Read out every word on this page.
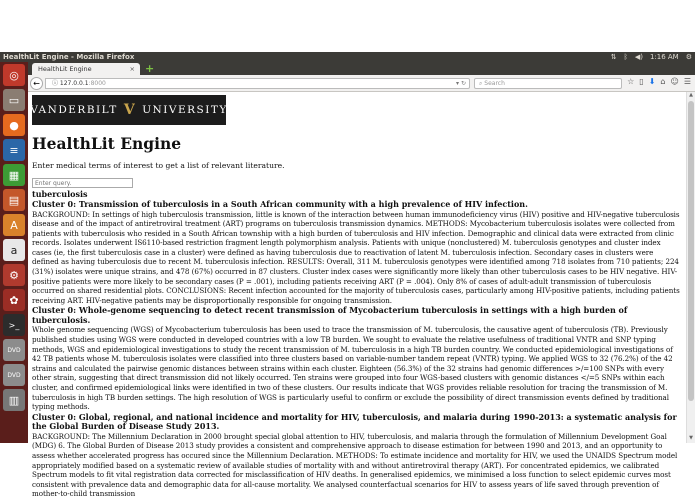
HealthLit Engine - Mozilla Firefox	⇅ ᛒ ◀) 1:16 AM ⚙
◎
▭
●
≡
▦
▤
A
a
⚙
✿
>_
DVD
DVD
▥
HealthLit Engine	× +
←	ⓘ 127.0.0.1:8000	▾ ↻	⌕ Search	☆ ▯ ⬇ ⌂ ☺ ☰
VANDERBILT V UNIVERSITY
HealthLit Engine
Enter medical terms of interest to get a list of relevant literature.
Enter query.
tuberculosis
Cluster 0: Transmission of tuberculosis in a South African community with a high prevalence of HIV infection.
BACKGROUND: In settings of high tuberculosis transmission, little is known of the interaction between human immunodeficiency virus (HIV) positive and HIV-negative tuberculosis disease and of the impact of antiretroviral treatment (ART) programs on tuberculosis transmission dynamics. METHODS: Mycobacterium tuberculosis isolates were collected from patients with tuberculosis who resided in a South African township with a high burden of tuberculosis and HIV infection. Demographic and clinical data were extracted from clinic records. Isolates underwent IS6110-based restriction fragment length polymorphism analysis. Patients with unique (nonclustered) M. tuberculosis genotypes and cluster index cases (ie, the first tuberculosis case in a cluster) were defined as having tuberculosis due to reactivation of latent M. tuberculosis infection. Secondary cases in clusters were defined as having tuberculosis due to recent M. tuberculosis infection. RESULTS: Overall, 311 M. tuberculosis genotypes were identified among 718 isolates from 710 patients; 224 (31%) isolates were unique strains, and 478 (67%) occurred in 87 clusters. Cluster index cases were significantly more likely than other tuberculosis cases to be HIV negative. HIV-positive patients were more likely to be secondary cases (P = .001), including patients receiving ART (P = .004). Only 8% of cases of adult-adult transmission of tuberculosis occurred on shared residential plots. CONCLUSIONS: Recent infection accounted for the majority of tuberculosis cases, particularly among HIV-positive patients, including patients receiving ART. HIV-negative patients may be disproportionally responsible for ongoing transmission.
Cluster 0: Whole-genome sequencing to detect recent transmission of Mycobacterium tuberculosis in settings with a high burden of tuberculosis.
Whole genome sequencing (WGS) of Mycobacterium tuberculosis has been used to trace the transmission of M. tuberculosis, the causative agent of tuberculosis (TB). Previously published studies using WGS were conducted in developed countries with a low TB burden. We sought to evaluate the relative usefulness of traditional VNTR and SNP typing methods, WGS and epidemiological investigations to study the recent transmission of M. tuberculosis in a high TB burden country. We conducted epidemiological investigations of 42 TB patients whose M. tuberculosis isolates were classified into three clusters based on variable-number tandem repeat (VNTR) typing. We applied WGS to 32 (76.2%) of the 42 strains and calculated the pairwise genomic distances between strains within each cluster. Eighteen (56.3%) of the 32 strains had genomic differences >/=100 SNPs with every other strain, suggesting that direct transmission did not likely occurred. Ten strains were grouped into four WGS-based clusters with genomic distances </=5 SNPs within each cluster, and confirmed epidemiological links were identified in two of these clusters. Our results indicate that WGS provides reliable resolution for tracing the transmission of M. tuberculosis in high TB burden settings. The high resolution of WGS is particularly useful to confirm or exclude the possibility of direct transmission events defined by traditional typing methods.
Cluster 0: Global, regional, and national incidence and mortality for HIV, tuberculosis, and malaria during 1990-2013: a systematic analysis for the Global Burden of Disease Study 2013.
BACKGROUND: The Millennium Declaration in 2000 brought special global attention to HIV, tuberculosis, and malaria through the formulation of Millennium Development Goal (MDG) 6. The Global Burden of Disease 2013 study provides a consistent and comprehensive approach to disease estimation for between 1990 and 2013, and an opportunity to assess whether accelerated progress has occured since the Millennium Declaration. METHODS: To estimate incidence and mortality for HIV, we used the UNAIDS Spectrum model appropriately modified based on a systematic review of available studies of mortality with and without antiretroviral therapy (ART). For concentrated epidemics, we calibrated Spectrum models to fit vital registration data corrected for misclassification of HIV deaths. In generalised epidemics, we minimised a loss function to select epidemic curves most consistent with prevalence data and demographic data for all-cause mortality. We analysed counterfactual scenarios for HIV to assess years of life saved through prevention of mother-to-child transmission
▲
▼
